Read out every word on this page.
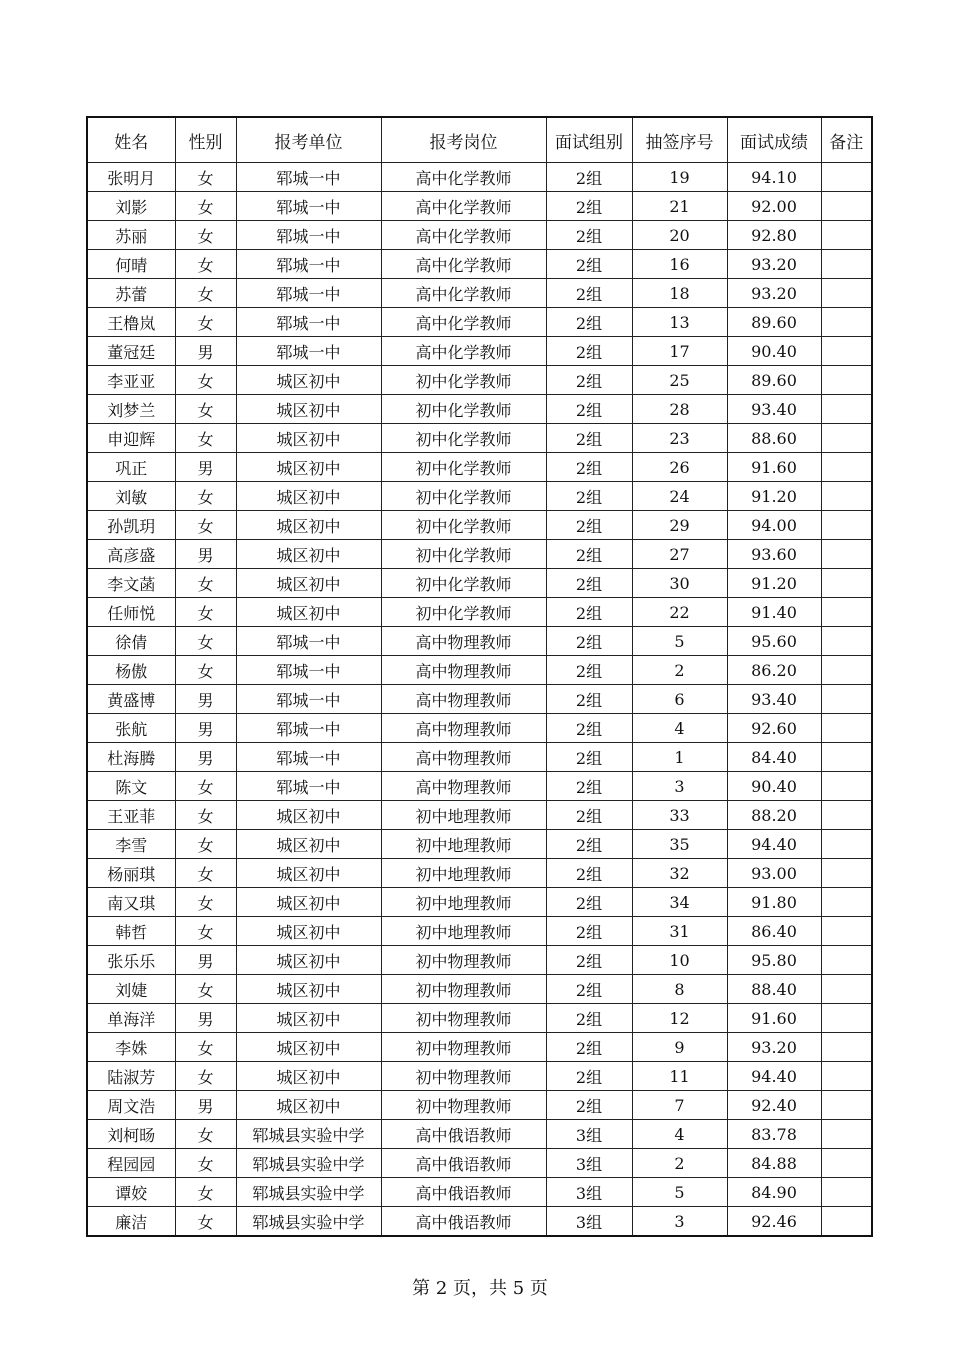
姓名	性别	报考单位	报考岗位	面试组别	抽签序号	面试成绩	备注
张明月	女	郓城一中	高中化学教师	2组	19	94.10	
刘影	女	郓城一中	高中化学教师	2组	21	92.00	
苏丽	女	郓城一中	高中化学教师	2组	20	92.80	
何晴	女	郓城一中	高中化学教师	2组	16	93.20	
苏蕾	女	郓城一中	高中化学教师	2组	18	93.20	
王橹岚	女	郓城一中	高中化学教师	2组	13	89.60	
董冠廷	男	郓城一中	高中化学教师	2组	17	90.40	
李亚亚	女	城区初中	初中化学教师	2组	25	89.60	
刘梦兰	女	城区初中	初中化学教师	2组	28	93.40	
申迎辉	女	城区初中	初中化学教师	2组	23	88.60	
巩正	男	城区初中	初中化学教师	2组	26	91.60	
刘敏	女	城区初中	初中化学教师	2组	24	91.20	
孙凯玥	女	城区初中	初中化学教师	2组	29	94.00	
高彦盛	男	城区初中	初中化学教师	2组	27	93.60	
李文菡	女	城区初中	初中化学教师	2组	30	91.20	
任师悦	女	城区初中	初中化学教师	2组	22	91.40	
徐倩	女	郓城一中	高中物理教师	2组	5	95.60	
杨傲	女	郓城一中	高中物理教师	2组	2	86.20	
黄盛博	男	郓城一中	高中物理教师	2组	6	93.40	
张航	男	郓城一中	高中物理教师	2组	4	92.60	
杜海腾	男	郓城一中	高中物理教师	2组	1	84.40	
陈文	女	郓城一中	高中物理教师	2组	3	90.40	
王亚菲	女	城区初中	初中地理教师	2组	33	88.20	
李雪	女	城区初中	初中地理教师	2组	35	94.40	
杨丽琪	女	城区初中	初中地理教师	2组	32	93.00	
南又琪	女	城区初中	初中地理教师	2组	34	91.80	
韩哲	女	城区初中	初中地理教师	2组	31	86.40	
张乐乐	男	城区初中	初中物理教师	2组	10	95.80	
刘婕	女	城区初中	初中物理教师	2组	8	88.40	
单海洋	男	城区初中	初中物理教师	2组	12	91.60	
李姝	女	城区初中	初中物理教师	2组	9	93.20	
陆淑芳	女	城区初中	初中物理教师	2组	11	94.40	
周文浩	男	城区初中	初中物理教师	2组	7	92.40	
刘柯旸	女	郓城县实验中学	高中俄语教师	3组	4	83.78	
程园园	女	郓城县实验中学	高中俄语教师	3组	2	84.88	
谭姣	女	郓城县实验中学	高中俄语教师	3组	5	84.90	
廉洁	女	郓城县实验中学	高中俄语教师	3组	3	92.46	
第 2 页，共 5 页
